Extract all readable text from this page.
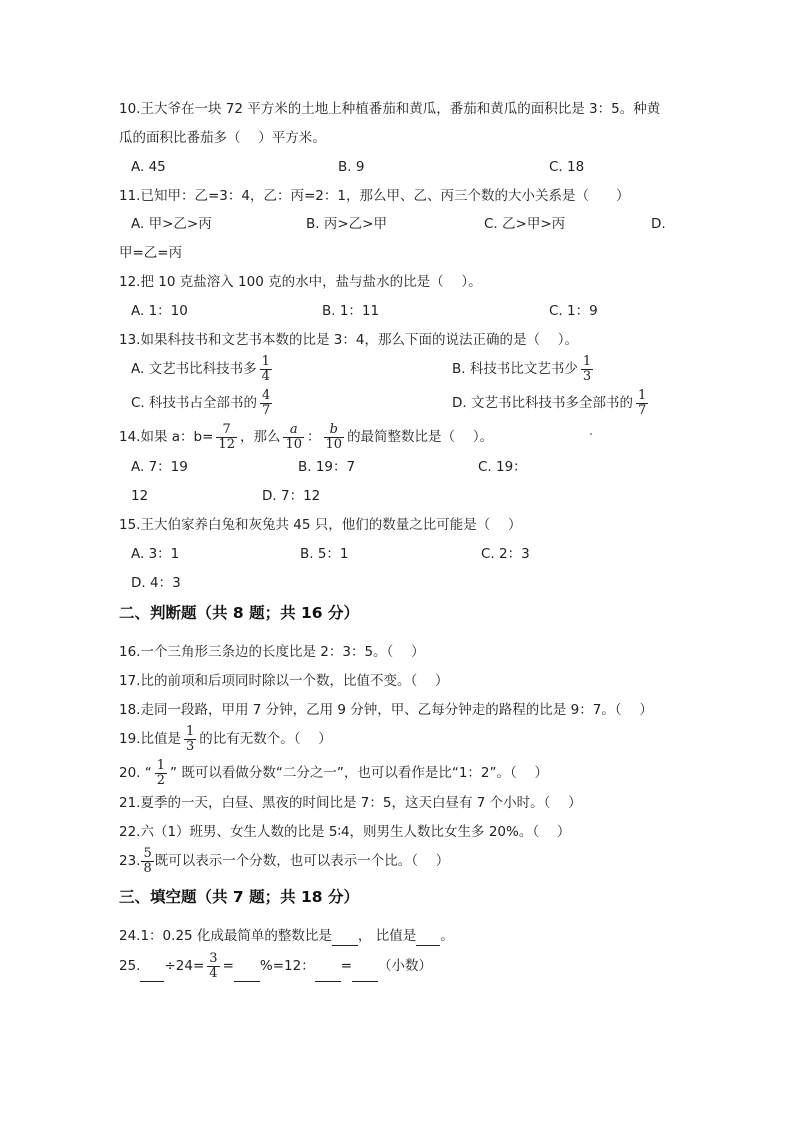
10.王大爷在一块 72 平方米的土地上种植番茄和黄瓜，番茄和黄瓜的面积比是 3：5。种黄
瓜的面积比番茄多（　 ）平方米。
A. 45	B. 9	C. 18
11.已知甲：乙=3：4，乙：丙=2：1，那么甲、乙、丙三个数的大小关系是（　　）
A. 甲>乙>丙	B. 丙>乙>甲	C. 乙>甲>丙	D.
甲=乙=丙
12.把 10 克盐溶入 100 克的水中，盐与盐水的比是（　 ）。
A. 1：10	B. 1：11	C. 1：9
13.如果科技书和文艺书本数的比是 3：4，那么下面的说法正确的是（　 ）。
A. 文艺书比科技书多 $\frac{1}{4}$	B. 科技书比文艺书少 $\frac{1}{3}$
C. 科技书占全部书的 $\frac{4}{7}$	D. 文艺书比科技书多全部书的 $\frac{1}{7}$
14.如果 a：$b= \frac{7}{12}$ ，那么 $\frac{a}{10}$ ： $\frac{b}{10}$ 的最简整数比是（　 ）。
A. 7：19	B. 19：7	C. 19：
12	D. 7：12
15.王大伯家养白兔和灰兔共 45 只，他们的数量之比可能是（　 ）
A. 3：1	B. 5：1	C. 2：3
D. 4：3
二、判断题（共 8 题；共 16 分）
16.一个三角形三条边的长度比是 2：3：5。（　 ）
17.比的前项和后项同时除以一个数，比值不变。（　 ）
18.走同一段路，甲用 7 分钟，乙用 9 分钟，甲、乙每分钟走的路程的比是 9：7。（　 ）
19.比值是 $\frac{1}{3}$ 的比有无数个。（　 ）
20. “ $\frac{1}{2}$ ” 既可以看做分数“二分之一”，也可以看作是比“1：2”。（　 ）
21.夏季的一天，白昼、黑夜的时间比是 7：5，这天白昼有 7 个小时。（　 ）
22.六（1）班男、女生人数的比是 5∶4，则男生人数比女生多 20%。（　 ）
23. $\frac{5}{8}$ 既可以表示一个分数，也可以表示一个比。（　 ）
三、填空题（共 7 题；共 18 分）
24.1：0.25 化成最简单的整数比是 ， 比值是 。
25. $\div 24= \frac{3}{4} = \%=12$： = （小数）
